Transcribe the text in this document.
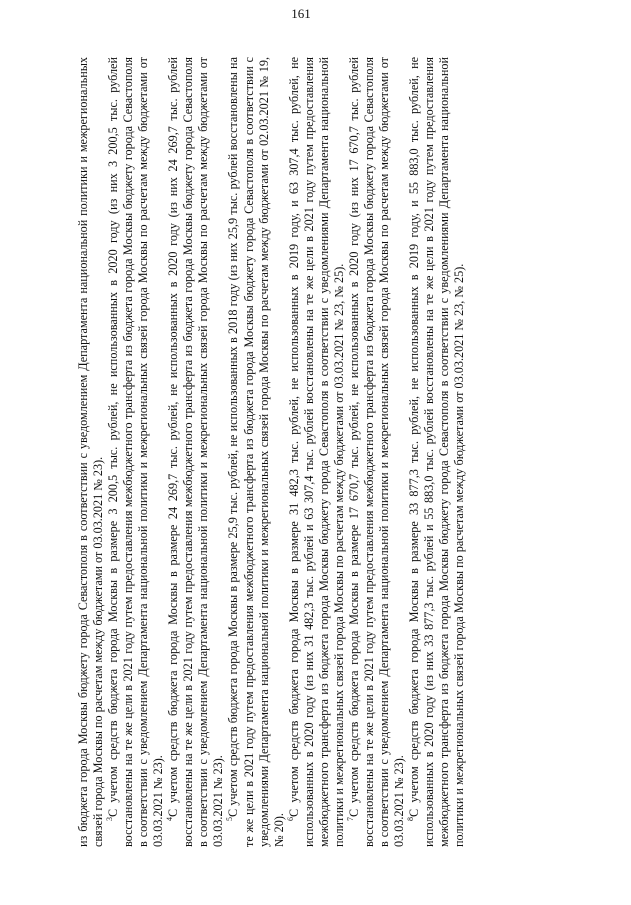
161

из бюджета города Москвы бюджету города Севастополя в соответствии с уведомлением Департамента национальной политики и межрегиональных связей города Москвы по расчетам между бюджетами от 03.03.2021 № 23). $^3$С учетом средств бюджета города Москвы в размере 3 200,5 тыс. рублей, не использованных в 2020 году (из них 3 200,5 тыс. рублей восстановлены на те же цели в 2021 году путем предоставления межбюджетного трансферта из бюджета города Москвы бюджету города Севастополя в соответствии с уведомлением Департамента национальной политики и межрегиональных связей города Москвы по расчетам между бюджетами от 03.03.2021 № 23). $^4$С учетом средств бюджета города Москвы в размере 24 269,7 тыс. рублей, не использованных в 2020 году (из них 24 269,7 тыс. рублей восстановлены на те же цели в 2021 году путем предоставления межбюджетного трансферта из бюджета города Москвы бюджету города Севастополя в соответствии с уведомлением Департамента национальной политики и межрегиональных связей города Москвы по расчетам между бюджетами от 03.03.2021 № 23). $^5$С учетом средств бюджета города Москвы в размере 25,9 тыс. рублей, не использованных в 2018 году (из них 25,9 тыс. рублей восстановлены на те же цели в 2021 году путем предоставления межбюджетного трансферта из бюджета города Москвы бюджету города Севастополя в соответствии с уведомлениями Департамента национальной политики и межрегиональных связей города Москвы по расчетам между бюджетами от 02.03.2021 № 19, № 20). $^6$С учетом средств бюджета города Москвы в размере 31 482,3 тыс. рублей, не использованных в 2019 году, и 63 307,4 тыс. рублей, не использованных в 2020 году (из них 31 482,3 тыс. рублей и 63 307,4 тыс. рублей восстановлены на те же цели в 2021 году путем предоставления межбюджетного трансферта из бюджета города Москвы бюджету города Севастополя в соответствии с уведомлениями Департамента национальной политики и межрегиональных связей города Москвы по расчетам между бюджетами от 03.03.2021 № 23, № 25). $^7$С учетом средств бюджета города Москвы в размере 17 670,7 тыс. рублей, не использованных в 2020 году (из них 17 670,7 тыс. рублей восстановлены на те же цели в 2021 году путем предоставления межбюджетного трансферта из бюджета города Москвы бюджету города Севастополя в соответствии с уведомлением Департамента национальной политики и межрегиональных связей города Москвы по расчетам между бюджетами от 03.03.2021 № 23). $^8$С учетом средств бюджета города Москвы в размере 33 877,3 тыс. рублей, не использованных в 2019 году, и 55 883,0 тыс. рублей, не использованных в 2020 году (из них 33 877,3 тыс. рублей и 55 883,0 тыс. рублей восстановлены на те же цели в 2021 году путем предоставления межбюджетного трансферта из бюджета города Москвы бюджету города Севастополя в соответствии с уведомлениями Департамента национальной политики и межрегиональных связей города Москвы по расчетам между бюджетами от 03.03.2021 № 23, № 25).
